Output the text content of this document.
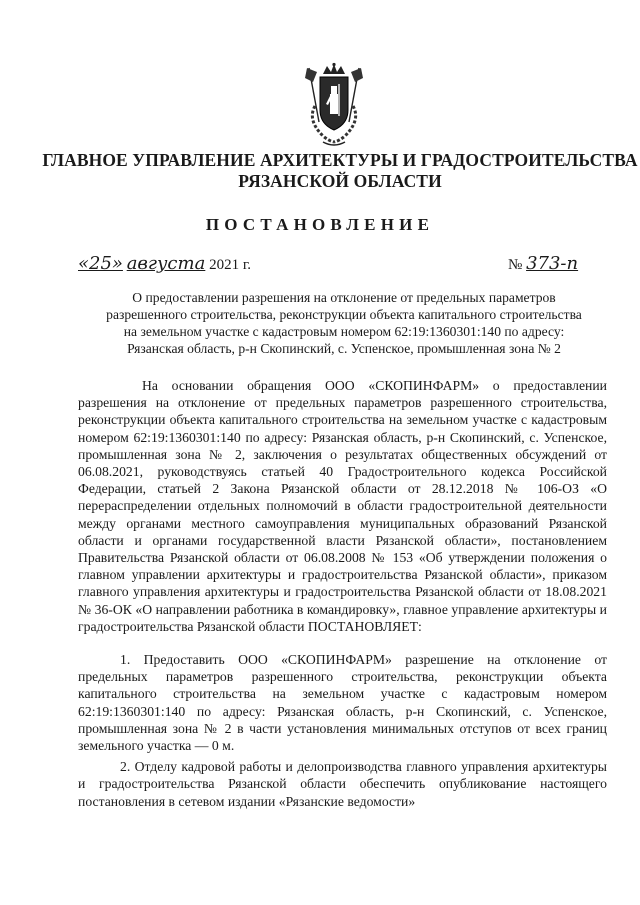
ГЛАВНОЕ УПРАВЛЕНИЕ АРХИТЕКТУРЫ И ГРАДОСТРОИТЕЛЬСТВА
РЯЗАНСКОЙ ОБЛАСТИ
ПОСТАНОВЛЕНИЕ
«25» августа 2021 г.	№ 373-п
О предоставлении разрешения на отклонение от предельных параметров
разрешенного строительства, реконструкции объекта капитального строительства
на земельном участке с кадастровым номером 62:19:1360301:140 по адресу:
Рязанская область, р-н Скопинский, с. Успенское, промышленная зона № 2

На основании обращения ООО «СКОПИНФАРМ» о предоставлении разрешения на отклонение от предельных параметров разрешенного строительства, реконструкции объекта капитального строительства на земельном участке с кадастровым номером 62:19:1360301:140 по адресу: Рязанская область, р-н Скопинский, с. Успенское, промышленная зона № 2, заключения о результатах общественных обсуждений от 06.08.2021, руководствуясь статьей 40 Градостроительного кодекса Российской Федерации, статьей 2 Закона Рязанской области от 28.12.2018 № 106-ОЗ «О перераспределении отдельных полномочий в области градостроительной деятельности между органами местного самоуправления муниципальных образований Рязанской области и органами государственной власти Рязанской области», постановлением Правительства Рязанской области от 06.08.2008 № 153 «Об утверждении положения о главном управлении архитектуры и градостроительства Рязанской области», приказом главного управления архитектуры и градостроительства Рязанской области от 18.08.2021 № 36-ОК «О направлении работника в командировку», главное управление архитектуры и градостроительства Рязанской области ПОСТАНОВЛЯЕТ:

1. Предоставить ООО «СКОПИНФАРМ» разрешение на отклонение от предельных параметров разрешенного строительства, реконструкции объекта капитального строительства на земельном участке с кадастровым номером 62:19:1360301:140 по адресу: Рязанская область, р-н Скопинский, с. Успенское, промышленная зона № 2 в части установления минимальных отступов от всех границ земельного участка — 0 м.

2. Отделу кадровой работы и делопроизводства главного управления архитектуры и градостроительства Рязанской области обеспечить опубликование настоящего постановления в сетевом издании «Рязанские ведомости»
